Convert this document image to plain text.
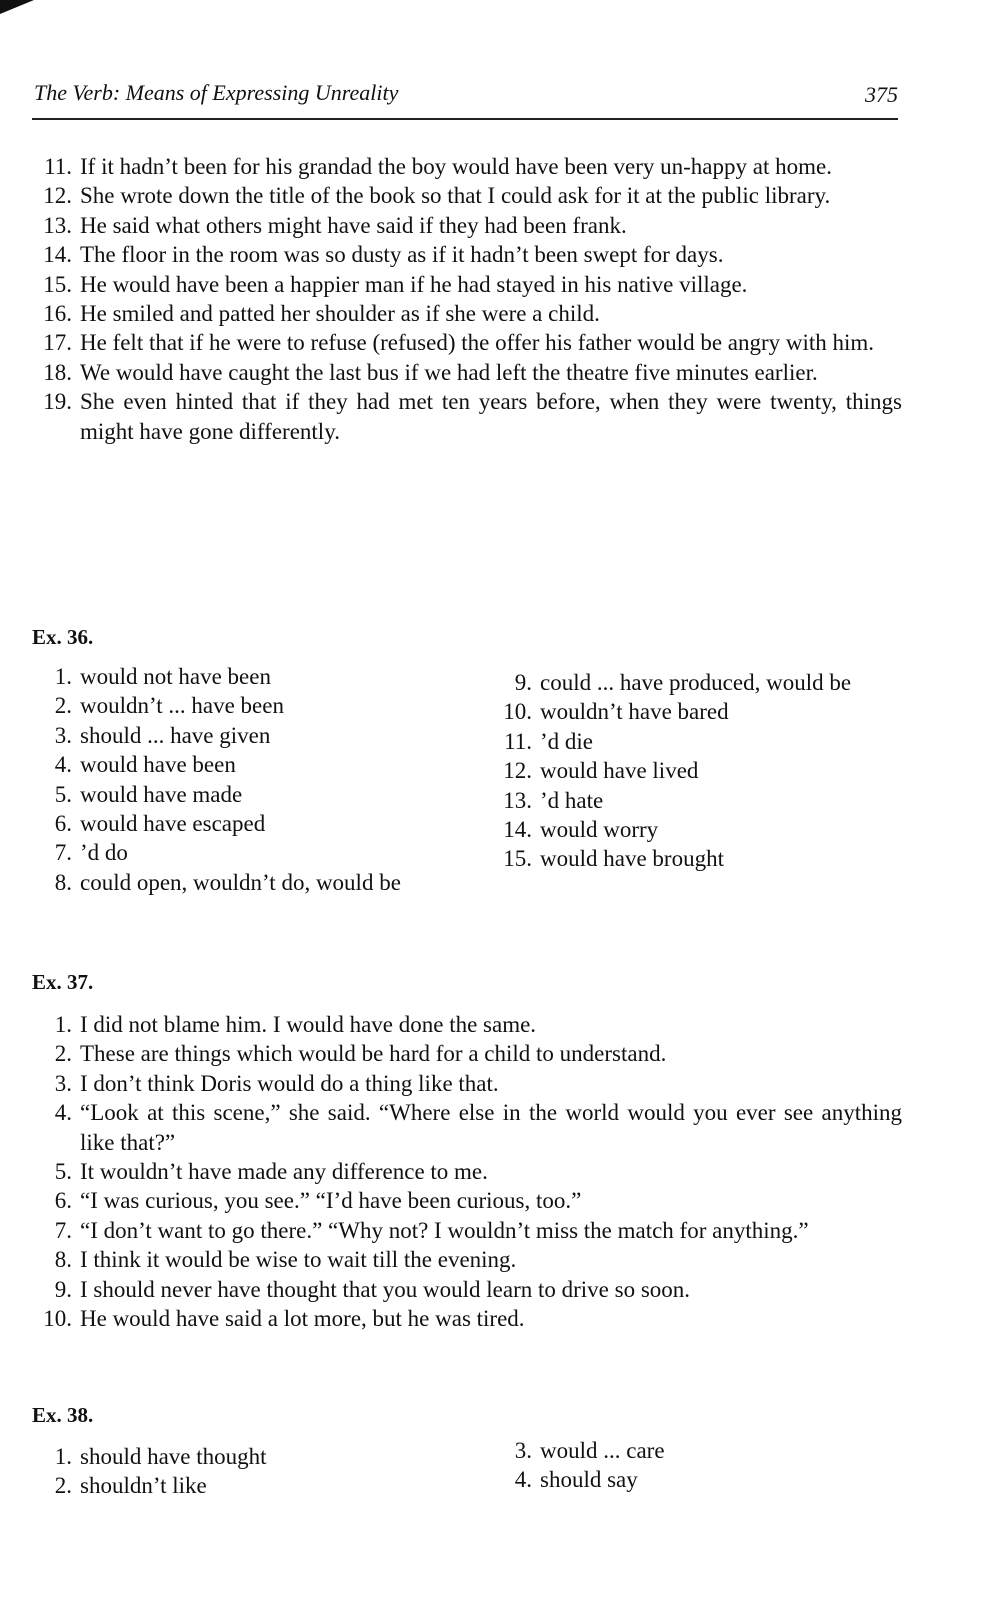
The Verb: Means of Expressing Unreality	375
11. If it hadn’t been for his grandad the boy would have been very un-happy at home.
12. She wrote down the title of the book so that I could ask for it at the public library.
13. He said what others might have said if they had been frank.
14. The floor in the room was so dusty as if it hadn’t been swept for days.
15. He would have been a happier man if he had stayed in his native village.
16. He smiled and patted her shoulder as if she were a child.
17. He felt that if he were to refuse (refused) the offer his father would be angry with him.
18. We would have caught the last bus if we had left the theatre five minutes earlier.
19. She even hinted that if they had met ten years before, when they were twenty, things might have gone differently.
Ex. 36.
1. would not have been
2. wouldn’t ... have been
3. should ... have given
4. would have been
5. would have made
6. would have escaped
7. ’d do
8. could open, wouldn’t do, would be
9. could ... have produced, would be
10. wouldn’t have bared
11. ’d die
12. would have lived
13. ’d hate
14. would worry
15. would have brought
Ex. 37.
1. I did not blame him. I would have done the same.
2. These are things which would be hard for a child to understand.
3. I don’t think Doris would do a thing like that.
4. “Look at this scene,” she said. “Where else in the world would you ever see anything like that?”
5. It wouldn’t have made any difference to me.
6. “I was curious, you see.” “I’d have been curious, too.”
7. “I don’t want to go there.” “Why not? I wouldn’t miss the match for anything.”
8. I think it would be wise to wait till the evening.
9. I should never have thought that you would learn to drive so soon.
10. He would have said a lot more, but he was tired.
Ex. 38.
1. should have thought
2. shouldn’t like
3. would ... care
4. should say
